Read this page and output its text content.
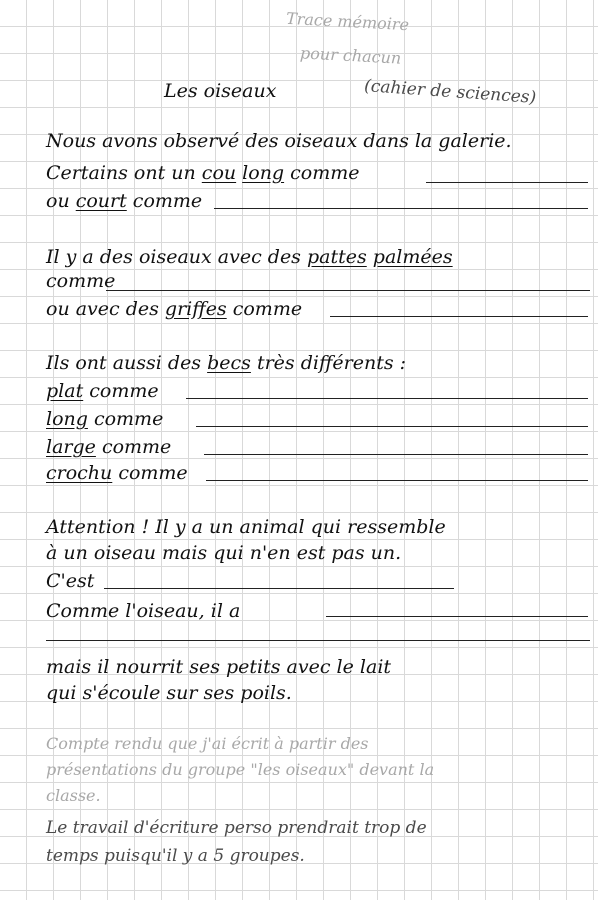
Trace mémoire
pour chacun
(cahier de sciences)
Les oiseaux
Nous avons observé des oiseaux dans la galerie.
Certains ont un cou long comme
ou court comme
Il y a des oiseaux avec des pattes palmées
comme
ou avec des griffes comme
Ils ont aussi des becs très différents :
plat comme
long comme
large comme
crochu comme
Attention ! Il y a un animal qui ressemble
à un oiseau mais qui n'en est pas un.
C'est
Comme l'oiseau, il a
mais il nourrit ses petits avec le lait
qui s'écoule sur ses poils.
Compte rendu que j'ai écrit à partir des
présentations du groupe "les oiseaux" devant la
classe.
Le travail d'écriture perso prendrait trop de
temps puisqu'il y a 5 groupes.
